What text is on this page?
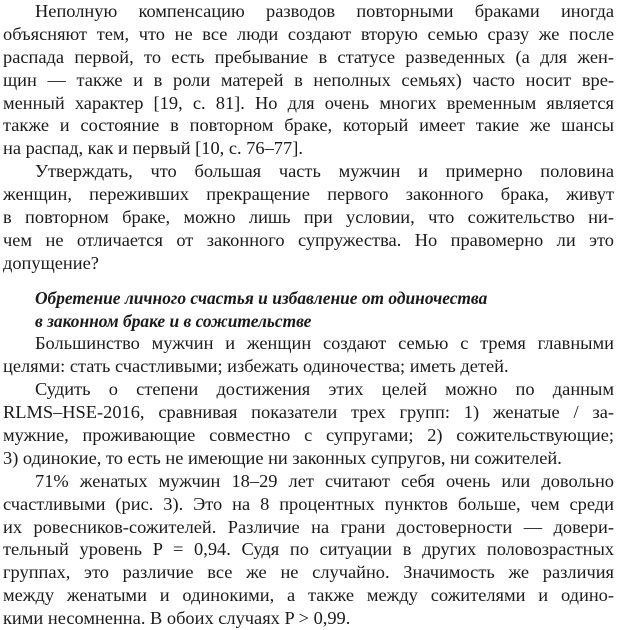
Неполную компенсацию разводов повторными браками иногда
объясняют тем, что не все люди создают вторую семью сразу же после
распада первой, то есть пребывание в статусе разведенных (а для жен-
щин — также и в роли матерей в неполных семьях) часто носит вре-
менный характер [19, с. 81]. Но для очень многих временным является
также и состояние в повторном браке, который имеет такие же шансы
на распад, как и первый [10, с. 76–77].
Утверждать, что большая часть мужчин и примерно половина
женщин, переживших прекращение первого законного брака, живут
в повторном браке, можно лишь при условии, что сожительство ни-
чем не отличается от законного супружества. Но правомерно ли это
допущение?
Обретение личного счастья и избавление от одиночества
в законном браке и в сожительстве
Большинство мужчин и женщин создают семью с тремя главными
целями: стать счастливыми; избежать одиночества; иметь детей.
Судить о степени достижения этих целей можно по данным
RLMS–HSE-2016, сравнивая показатели трех групп: 1) женатые / за-
мужние, проживающие совместно с супругами; 2) сожительствующие;
3) одинокие, то есть не имеющие ни законных супругов, ни сожителей.
71% женатых мужчин 18–29 лет считают себя очень или довольно
счастливыми (рис. 3). Это на 8 процентных пунктов больше, чем среди
их ровесников-сожителей. Различие на грани достоверности — довери-
тельный уровень P = 0,94. Судя по ситуации в других половозрастных
группах, это различие все же не случайно. Значимость же различия
между женатыми и одинокими, а также между сожителями и одино-
кими несомненна. В обоих случаях P > 0,99.
